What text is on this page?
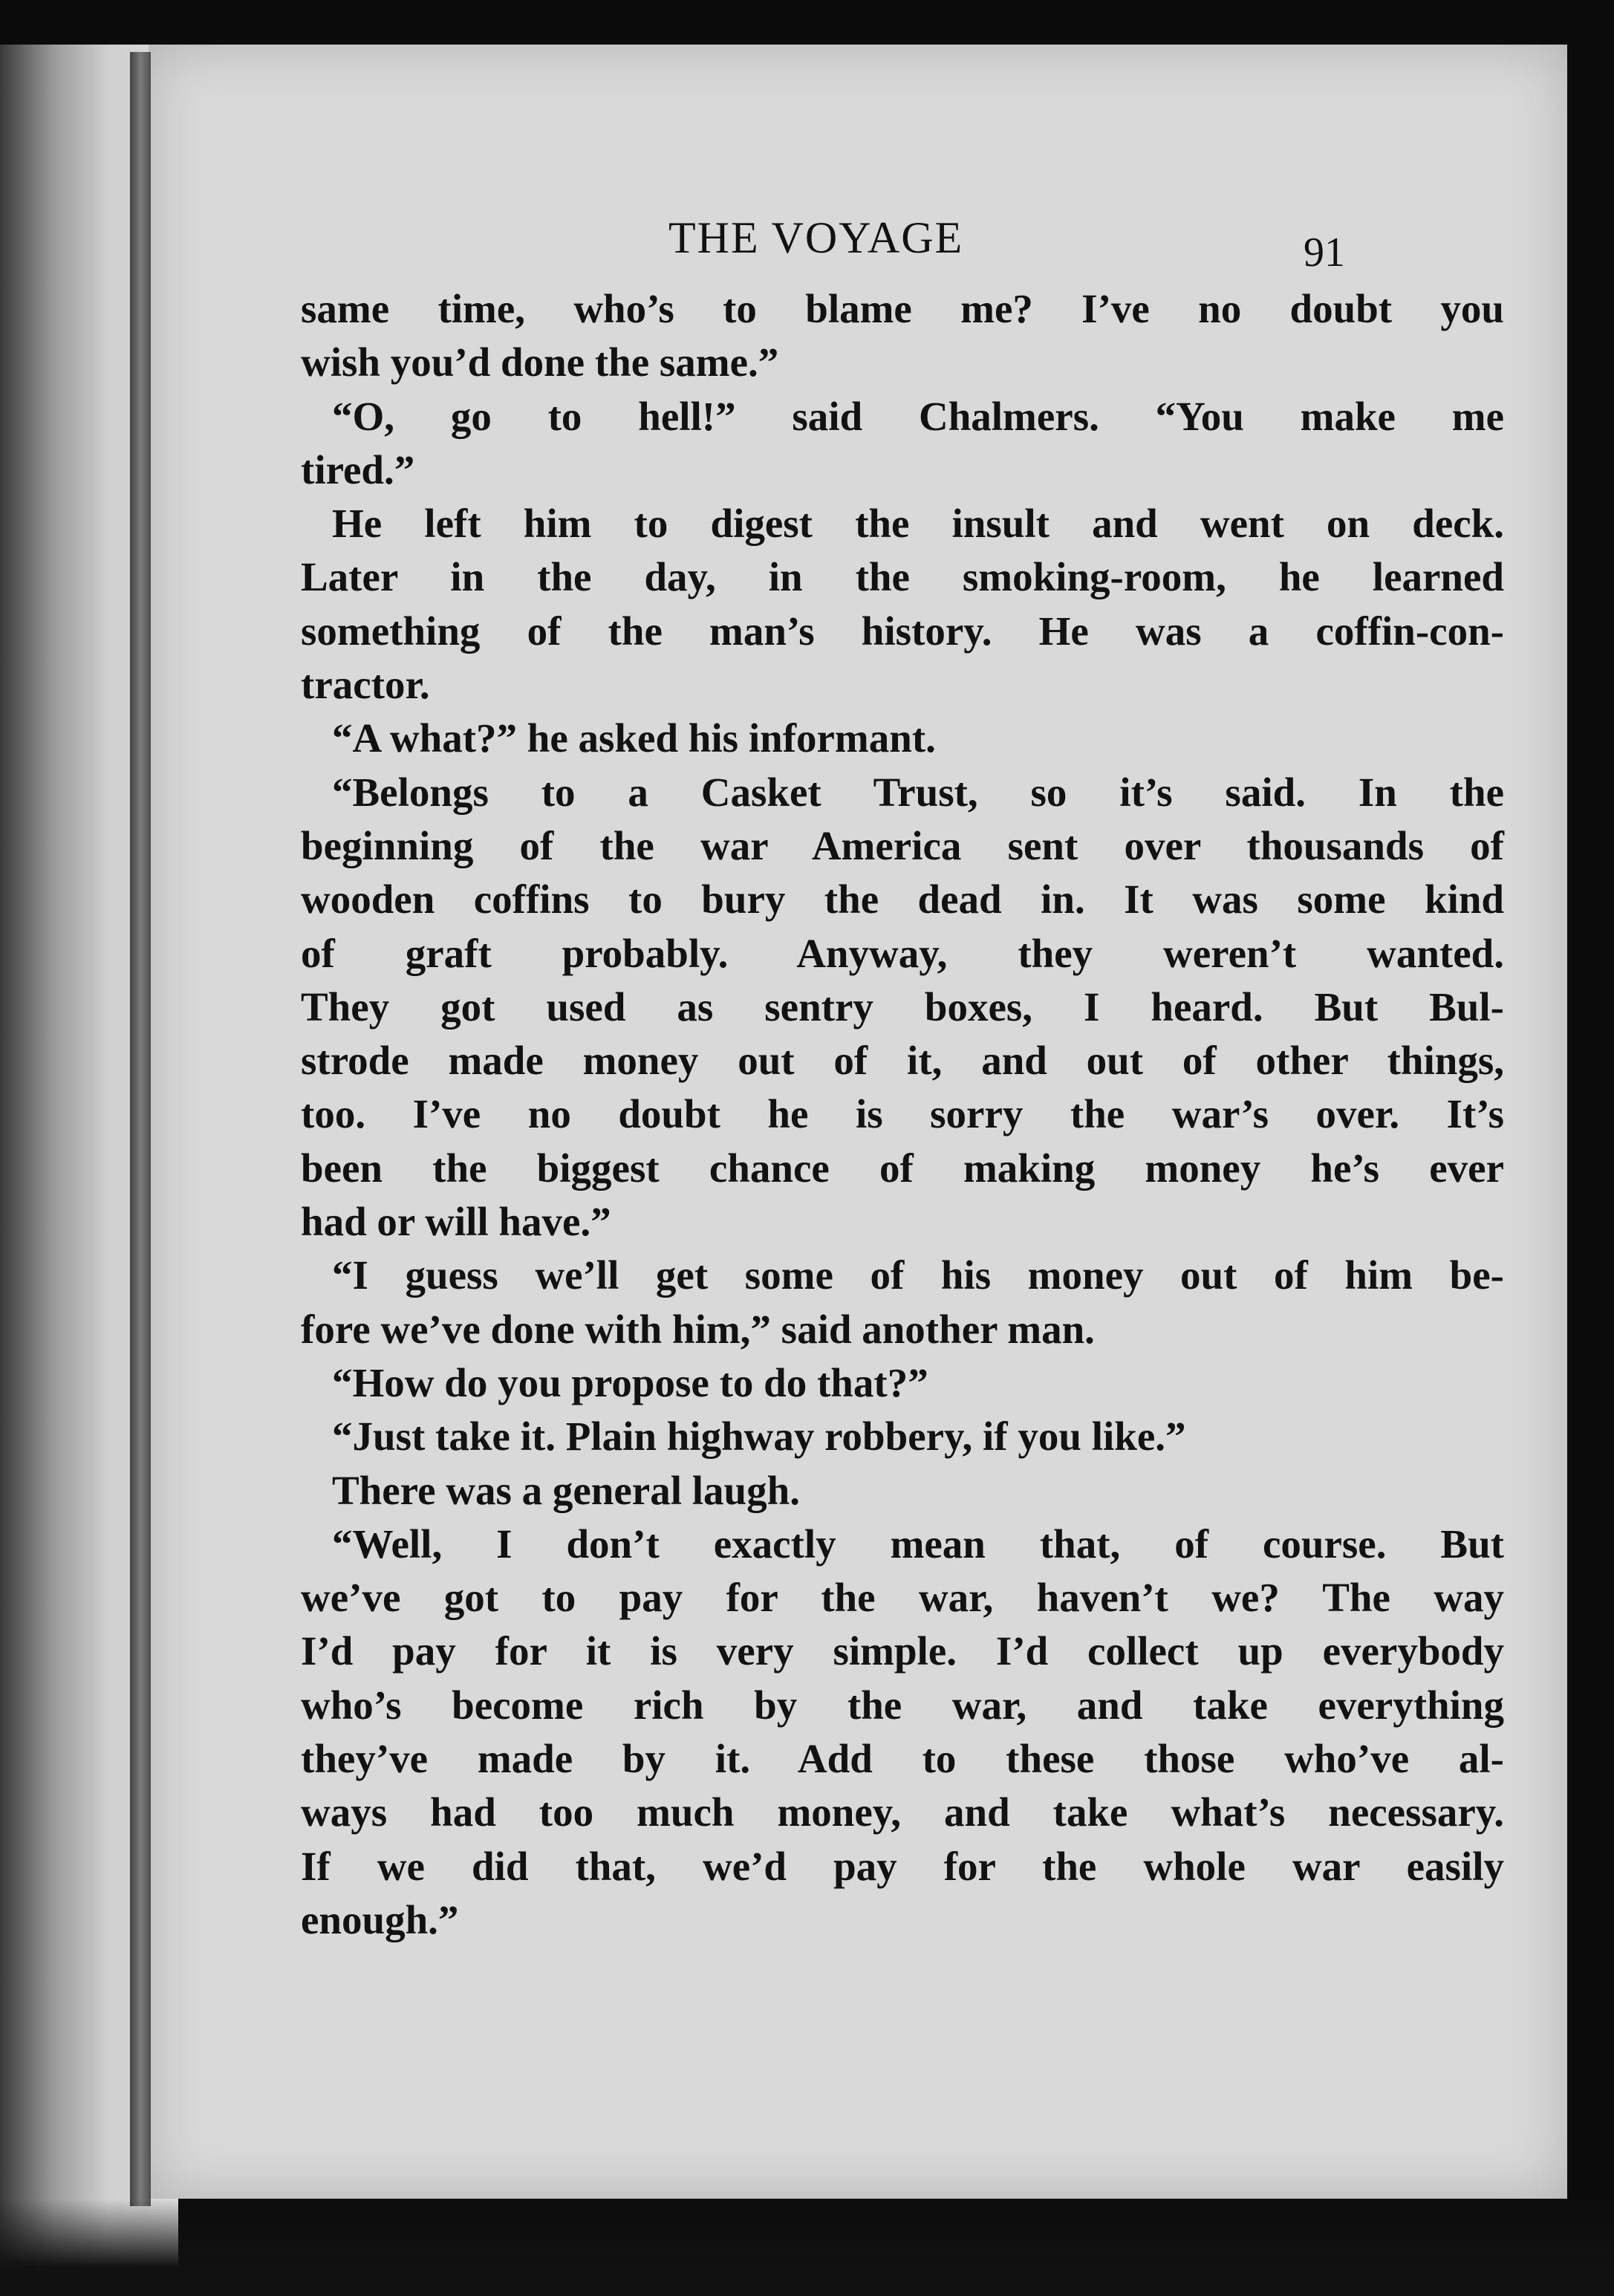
THE VOYAGE	91
same time, who’s to blame me? I’ve no doubt you
wish you’d done the same.”
“O, go to hell!” said Chalmers. “You make me
tired.”
He left him to digest the insult and went on deck.
Later in the day, in the smoking-room, he learned
something of the man’s history. He was a coffin-con-
tractor.
“A what?” he asked his informant.
“Belongs to a Casket Trust, so it’s said. In the
beginning of the war America sent over thousands of
wooden coffins to bury the dead in. It was some kind
of graft probably. Anyway, they weren’t wanted.
They got used as sentry boxes, I heard. But Bul-
strode made money out of it, and out of other things,
too. I’ve no doubt he is sorry the war’s over. It’s
been the biggest chance of making money he’s ever
had or will have.”
“I guess we’ll get some of his money out of him be-
fore we’ve done with him,” said another man.
“How do you propose to do that?”
“Just take it. Plain highway robbery, if you like.”
There was a general laugh.
“Well, I don’t exactly mean that, of course. But
we’ve got to pay for the war, haven’t we? The way
I’d pay for it is very simple. I’d collect up everybody
who’s become rich by the war, and take everything
they’ve made by it. Add to these those who’ve al-
ways had too much money, and take what’s necessary.
If we did that, we’d pay for the whole war easily
enough.”
